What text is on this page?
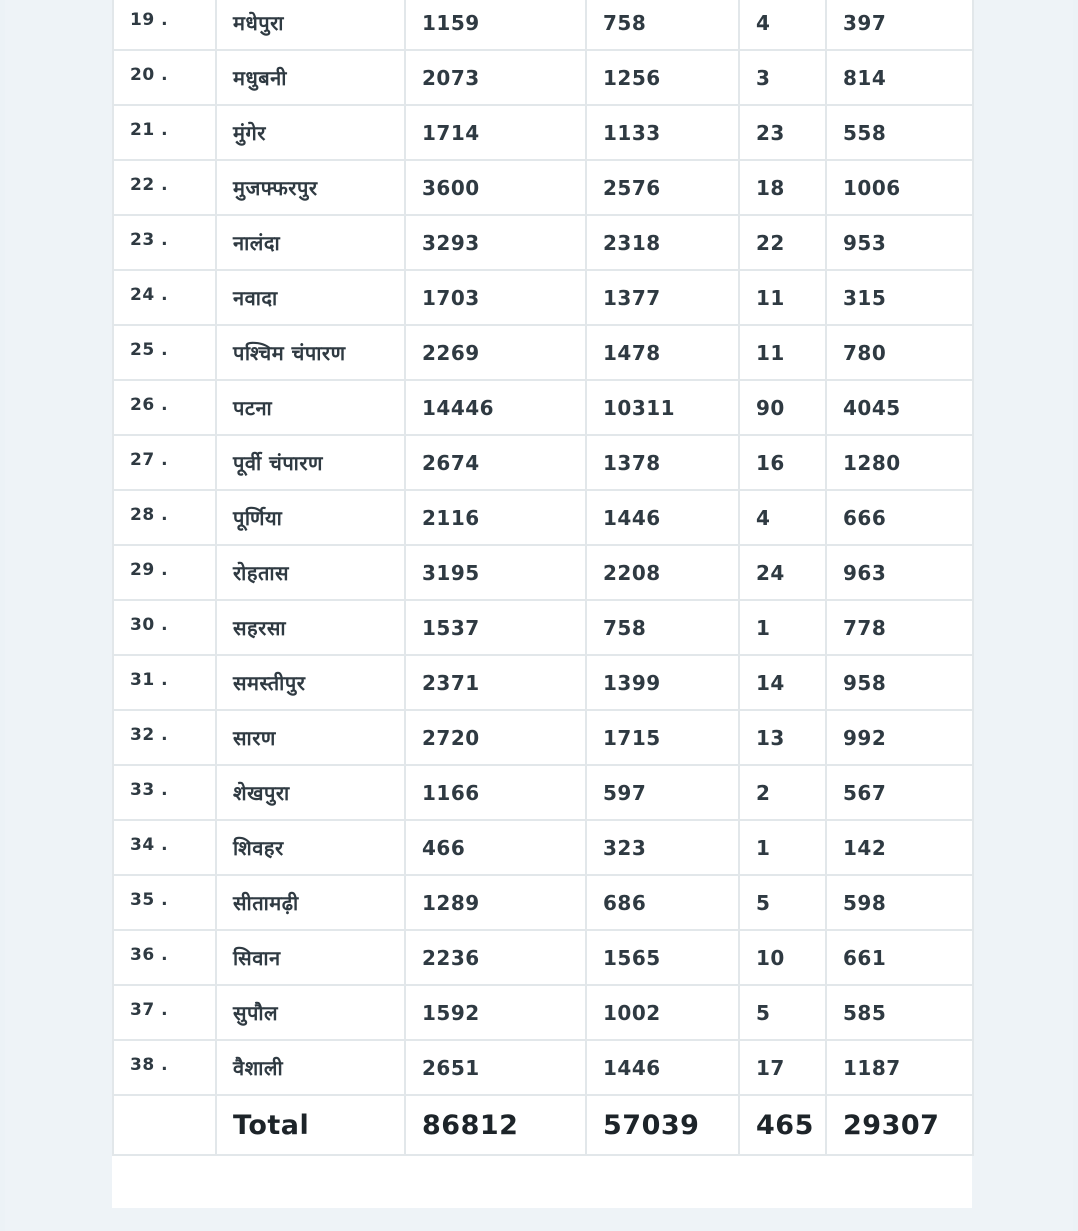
19 .	मधेपुरा	1159	758	4	397
20 .	मधुबनी	2073	1256	3	814
21 .	मुंगेर	1714	1133	23	558
22 .	मुजफ्फरपुर	3600	2576	18	1006
23 .	नालंदा	3293	2318	22	953
24 .	नवादा	1703	1377	11	315
25 .	पश्चिम चंपारण	2269	1478	11	780
26 .	पटना	14446	10311	90	4045
27 .	पूर्वी चंपारण	2674	1378	16	1280
28 .	पूर्णिया	2116	1446	4	666
29 .	रोहतास	3195	2208	24	963
30 .	सहरसा	1537	758	1	778
31 .	समस्तीपुर	2371	1399	14	958
32 .	सारण	2720	1715	13	992
33 .	शेखपुरा	1166	597	2	567
34 .	शिवहर	466	323	1	142
35 .	सीतामढ़ी	1289	686	5	598
36 .	सिवान	2236	1565	10	661
37 .	सुपौल	1592	1002	5	585
38 .	वैशाली	2651	1446	17	1187
	Total	86812	57039	465	29307
